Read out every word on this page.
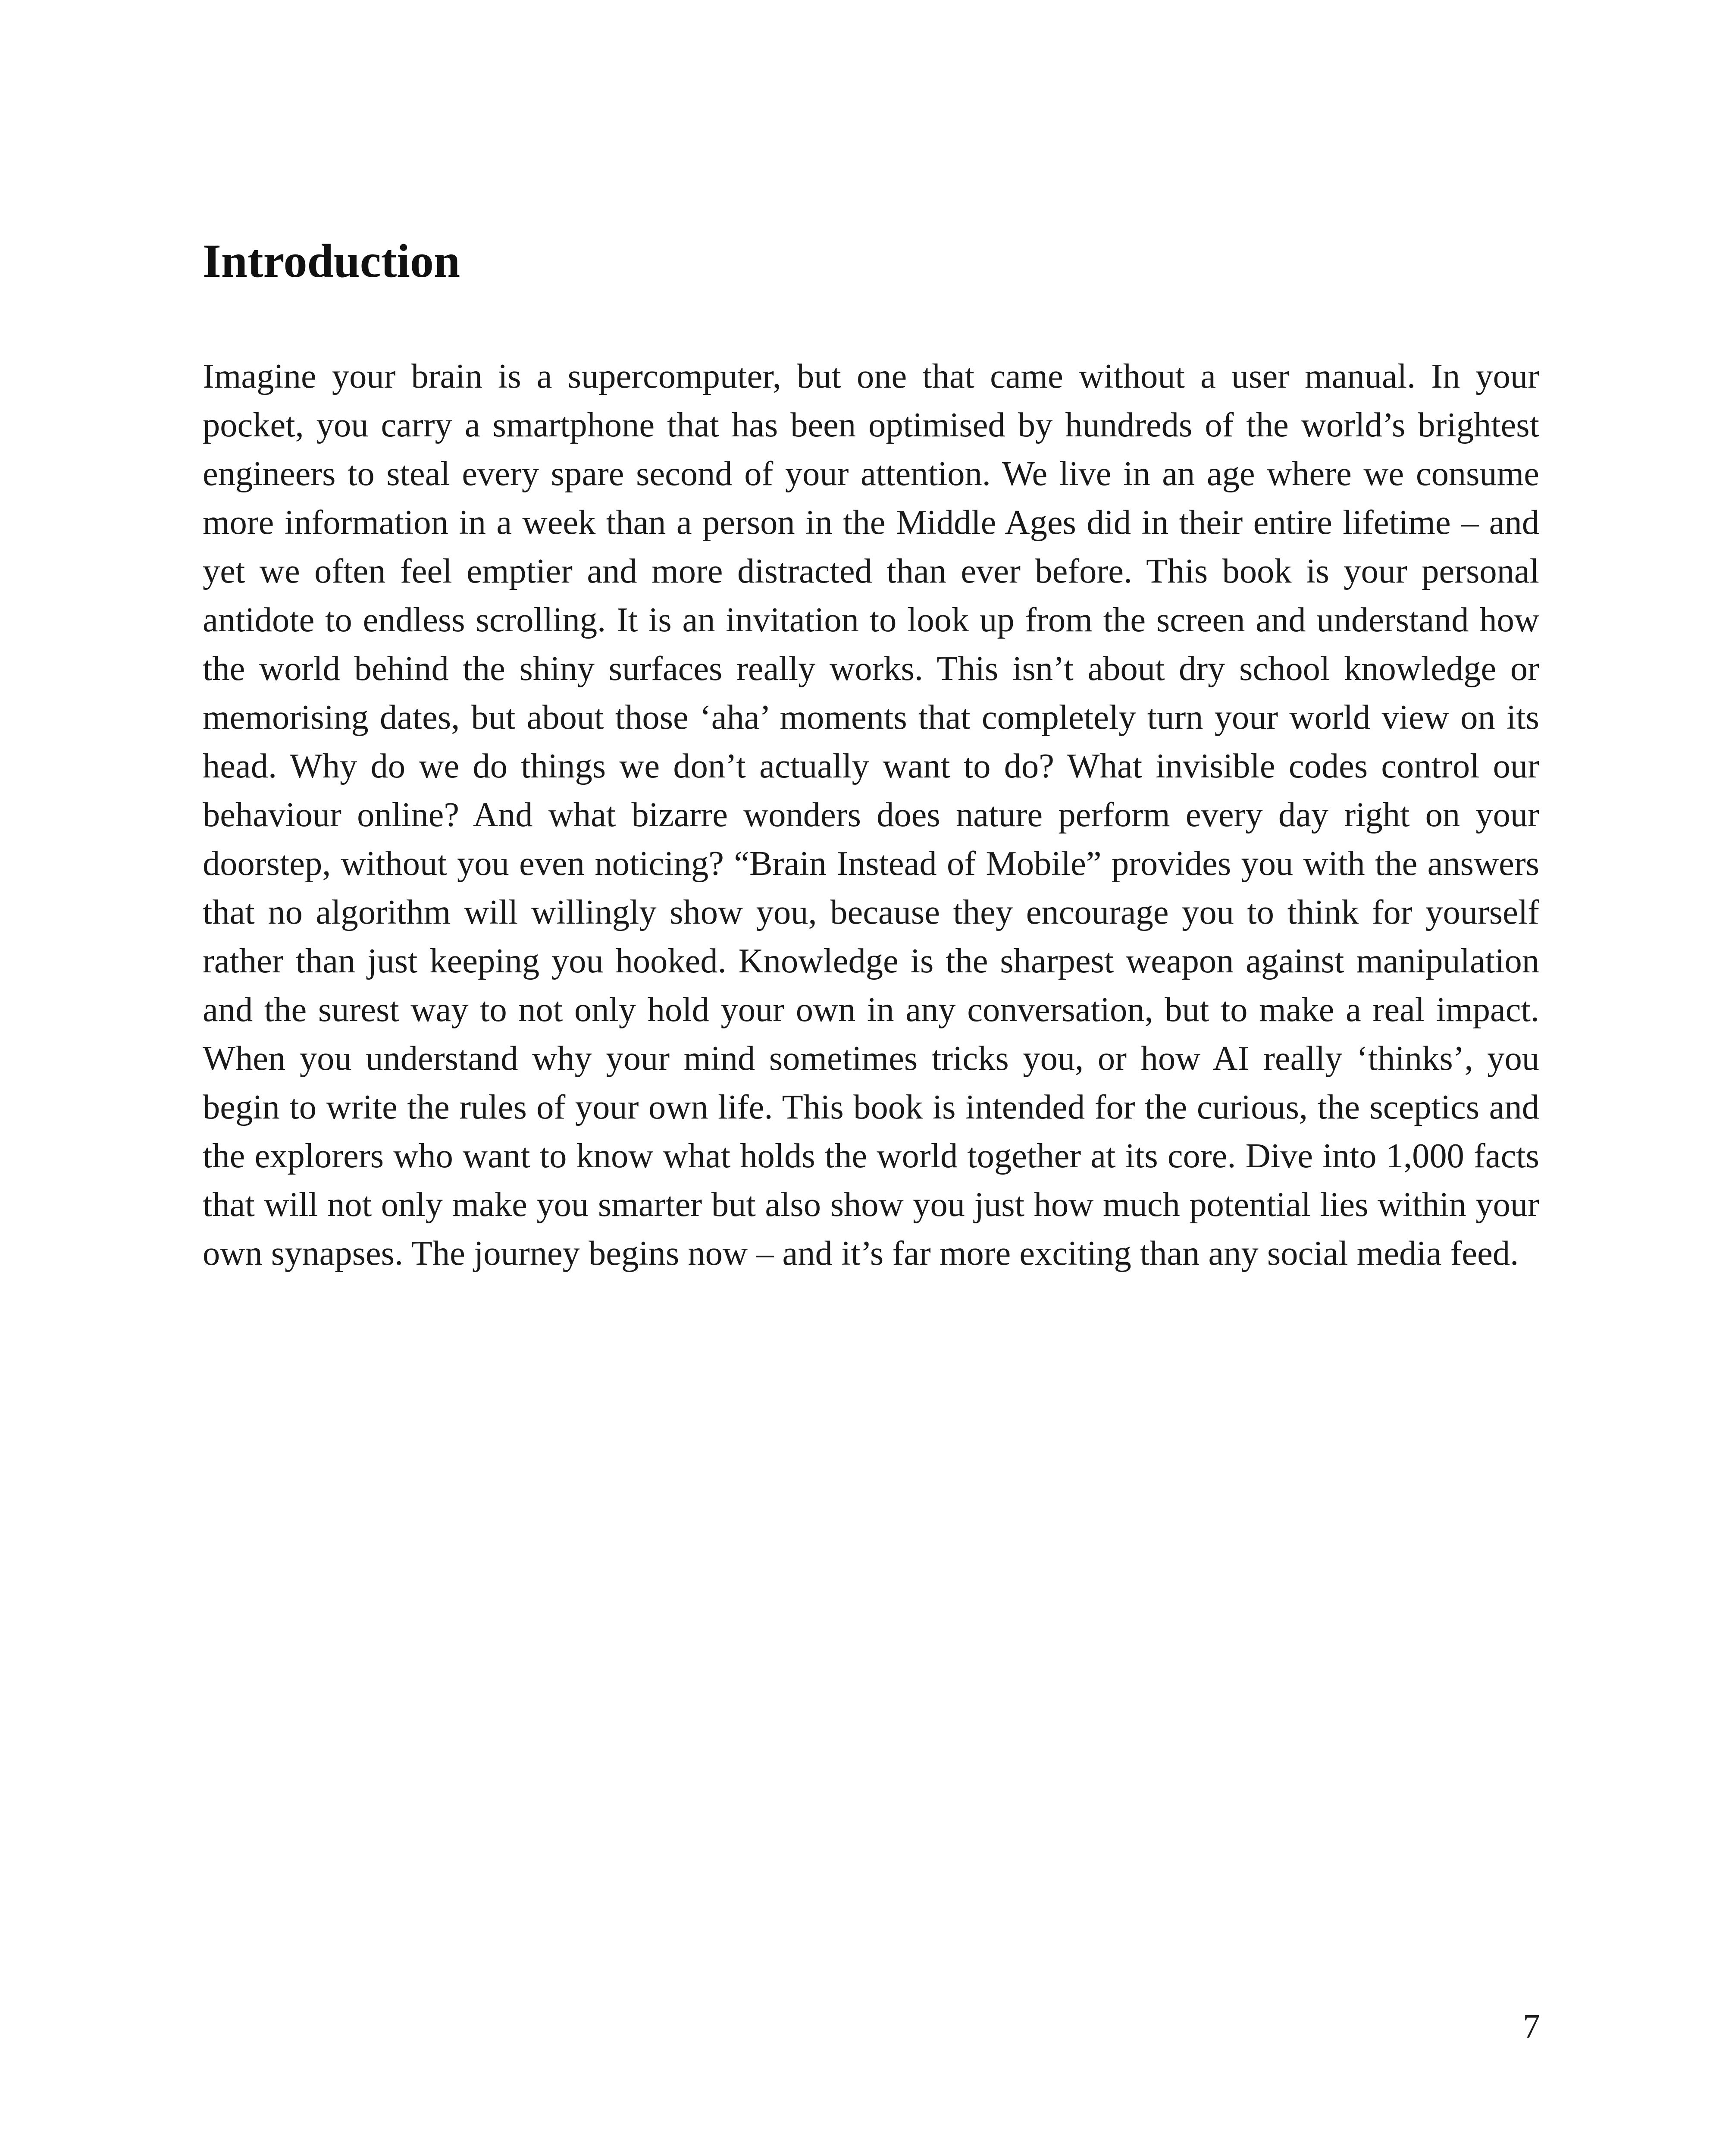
Introduction

Imagine your brain is a supercomputer, but one that came without a user manual. In your pocket, you carry a smartphone that has been optimised by hundreds of the world’s brightest engineers to steal every spare second of your attention. We live in an age where we consume more information in a week than a person in the Middle Ages did in their entire lifetime – and yet we often feel emptier and more distracted than ever before. This book is your personal antidote to endless scrolling. It is an invitation to look up from the screen and understand how the world behind the shiny surfaces really works. This isn’t about dry school knowledge or memorising dates, but about those ‘aha’ moments that completely turn your world view on its head. Why do we do things we don’t actually want to do? What invisible codes control our behaviour online? And what bizarre wonders does nature perform every day right on your doorstep, without you even noticing? “Brain Instead of Mobile” provides you with the answers that no algorithm will willingly show you, because they encourage you to think for yourself rather than just keeping you hooked. Knowledge is the sharpest weapon against manipulation and the surest way to not only hold your own in any conversation, but to make a real impact. When you understand why your mind sometimes tricks you, or how AI really ‘thinks’, you begin to write the rules of your own life. This book is intended for the curious, the sceptics and the explorers who want to know what holds the world together at its core. Dive into 1,000 facts that will not only make you smarter but also show you just how much potential lies within your own synapses. The journey begins now – and it’s far more exciting than any social media feed.

7
